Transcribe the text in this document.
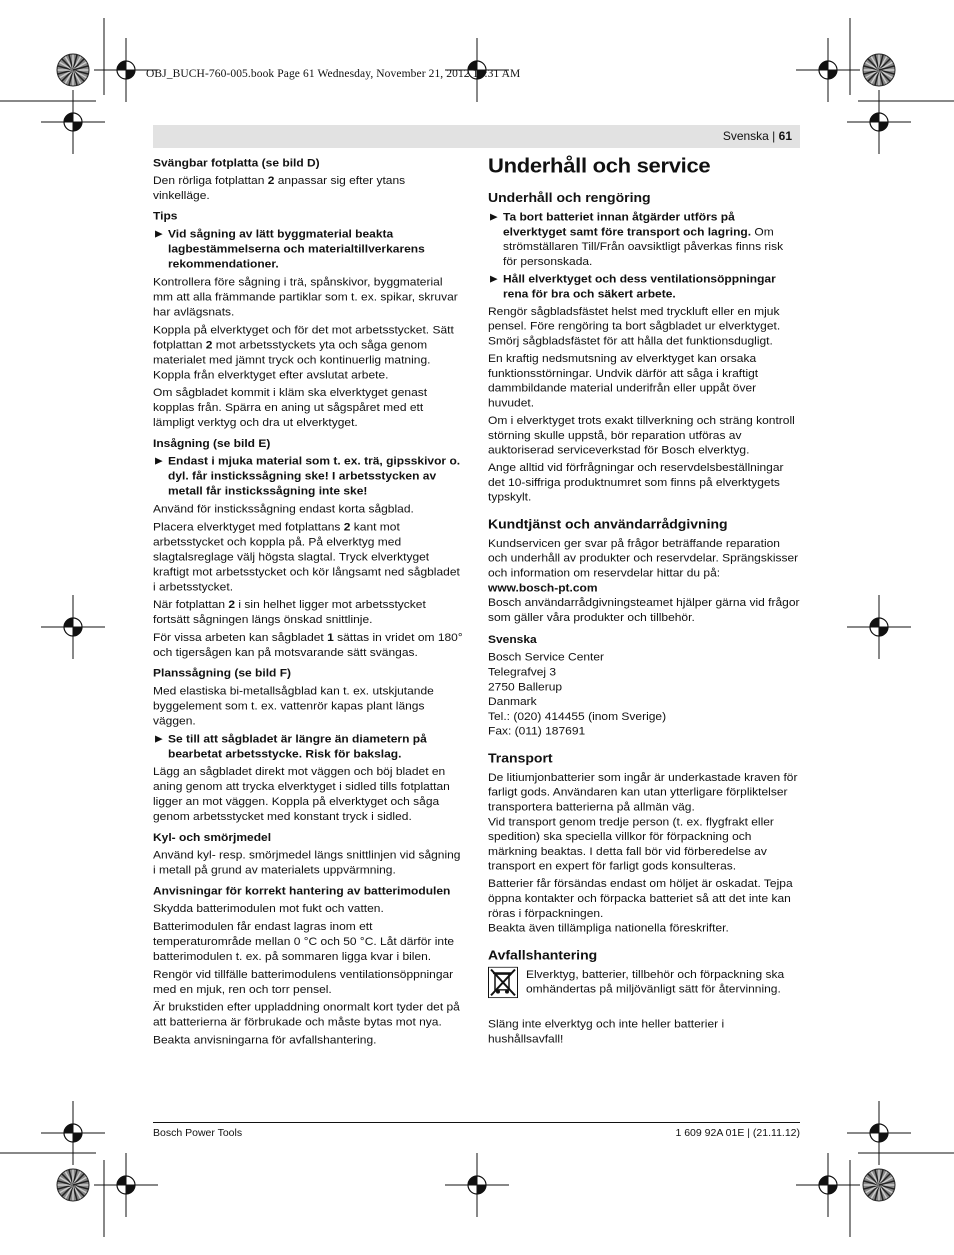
OBJ_BUCH-760-005.book Page 61 Wednesday, November 21, 2012 10:31 AM
Svenska | 61

Svängbar fotplatta (se bild D)

Den rörliga fotplattan 2 anpassar sig efter ytans vinkelläge.

Tips

▶ Vid sågning av lätt byggmaterial beakta lagbestämmelserna och materialtillverkarens rekommendationer.

Kontrollera före sågning i trä, spånskivor, byggmaterial mm att alla främmande partiklar som t. ex. spikar, skruvar har avlägsnats.

Koppla på elverktyget och för det mot arbetsstycket. Sätt fotplattan 2 mot arbetsstyckets yta och såga genom materialet med jämnt tryck och kontinuerlig matning. Koppla från elverktyget efter avslutat arbete.

Om sågbladet kommit i kläm ska elverktyget genast kopplas från. Spärra en aning ut sågspåret med ett lämpligt verktyg och dra ut elverktyget.

Insågning (se bild E)

▶ Endast i mjuka material som t. ex. trä, gipsskivor o. dyl. får instickssågning ske! I arbetsstycken av metall får instickssågning inte ske!

Använd för instickssågning endast korta sågblad.

Placera elverktyget med fotplattans 2 kant mot arbetsstycket och koppla på. På elverktyg med slagtalsreglage välj högsta slagtal. Tryck elverktyget kraftigt mot arbetsstycket och kör långsamt ned sågbladet i arbetsstycket.

När fotplattan 2 i sin helhet ligger mot arbetsstycket fortsätt sågningen längs önskad snittlinje.

För vissa arbeten kan sågbladet 1 sättas in vridet om 180° och tigersågen kan på motsvarande sätt svängas.

Planssågning (se bild F)

Med elastiska bi-metallsågblad kan t. ex. utskjutande byggelement som t. ex. vattenrör kapas plant längs väggen.

▶ Se till att sågbladet är längre än diametern på bearbetat arbetsstycke. Risk för bakslag.

Lägg an sågbladet direkt mot väggen och böj bladet en aning genom att trycka elverktyget i sidled tills fotplattan ligger an mot väggen. Koppla på elverktyget och såga genom arbetsstycket med konstant tryck i sidled.

Kyl- och smörjmedel

Använd kyl- resp. smörjmedel längs snittlinjen vid sågning i metall på grund av materialets uppvärmning.

Anvisningar för korrekt hantering av batterimodulen

Skydda batterimodulen mot fukt och vatten.

Batterimodulen får endast lagras inom ett temperaturområde mellan 0 °C och 50 °C. Låt därför inte batterimodulen t. ex. på sommaren ligga kvar i bilen.

Rengör vid tillfälle batterimodulens ventilationsöppningar med en mjuk, ren och torr pensel.

Är brukstiden efter uppladdning onormalt kort tyder det på att batterierna är förbrukade och måste bytas mot nya.

Beakta anvisningarna för avfallshantering.

Underhåll och service

Underhåll och rengöring

▶ Ta bort batteriet innan åtgärder utförs på elverktyget samt före transport och lagring. Om strömställaren Till/Från oavsiktligt påverkas finns risk för personskada.
▶ Håll elverktyget och dess ventilationsöppningar rena för bra och säkert arbete.

Rengör sågbladsfästet helst med tryckluft eller en mjuk pensel. Före rengöring ta bort sågbladet ur elverktyget. Smörj sågbladsfästet för att hålla det funktionsdugligt.

En kraftig nedsmutsning av elverktyget kan orsaka funktionsstörningar. Undvik därför att såga i kraftigt dammbildande material underifrån eller uppåt över huvudet.

Om i elverktyget trots exakt tillverkning och sträng kontroll störning skulle uppstå, bör reparation utföras av auktoriserad serviceverkstad för Bosch elverktyg.

Ange alltid vid förfrågningar och reservdelsbeställningar det 10-siffriga produktnumret som finns på elverktygets typskylt.

Kundtjänst och användarrådgivning

Kundservicen ger svar på frågor beträffande reparation och underhåll av produkter och reservdelar. Sprängskisser och information om reservdelar hittar du på:

www.bosch-pt.com

Bosch användarrådgivningsteamet hjälper gärna vid frågor som gäller våra produkter och tillbehör.

Svenska

Bosch Service Center
Telegrafvej 3
2750 Ballerup
Danmark
Tel.: (020) 414455 (inom Sverige)
Fax: (011) 187691

Transport

De litiumjonbatterier som ingår är underkastade kraven för farligt gods. Användaren kan utan ytterligare förpliktelser transportera batterierna på allmän väg.

Vid transport genom tredje person (t. ex. flygfrakt eller spedition) ska speciella villkor för förpackning och märkning beaktas. I detta fall bör vid förberedelse av transport en expert för farligt gods konsulteras.

Batterier får försändas endast om höljet är oskadat. Tejpa öppna kontakter och förpacka batteriet så att det inte kan röras i förpackningen.

Beakta även tillämpliga nationella föreskrifter.

Avfallshantering

Elverktyg, batterier, tillbehör och förpackning ska omhändertas på miljövänligt sätt för återvinning.

Släng inte elverktyg och inte heller batterier i hushållsavfall!

Bosch Power Tools	1 609 92A 01E | (21.11.12)
